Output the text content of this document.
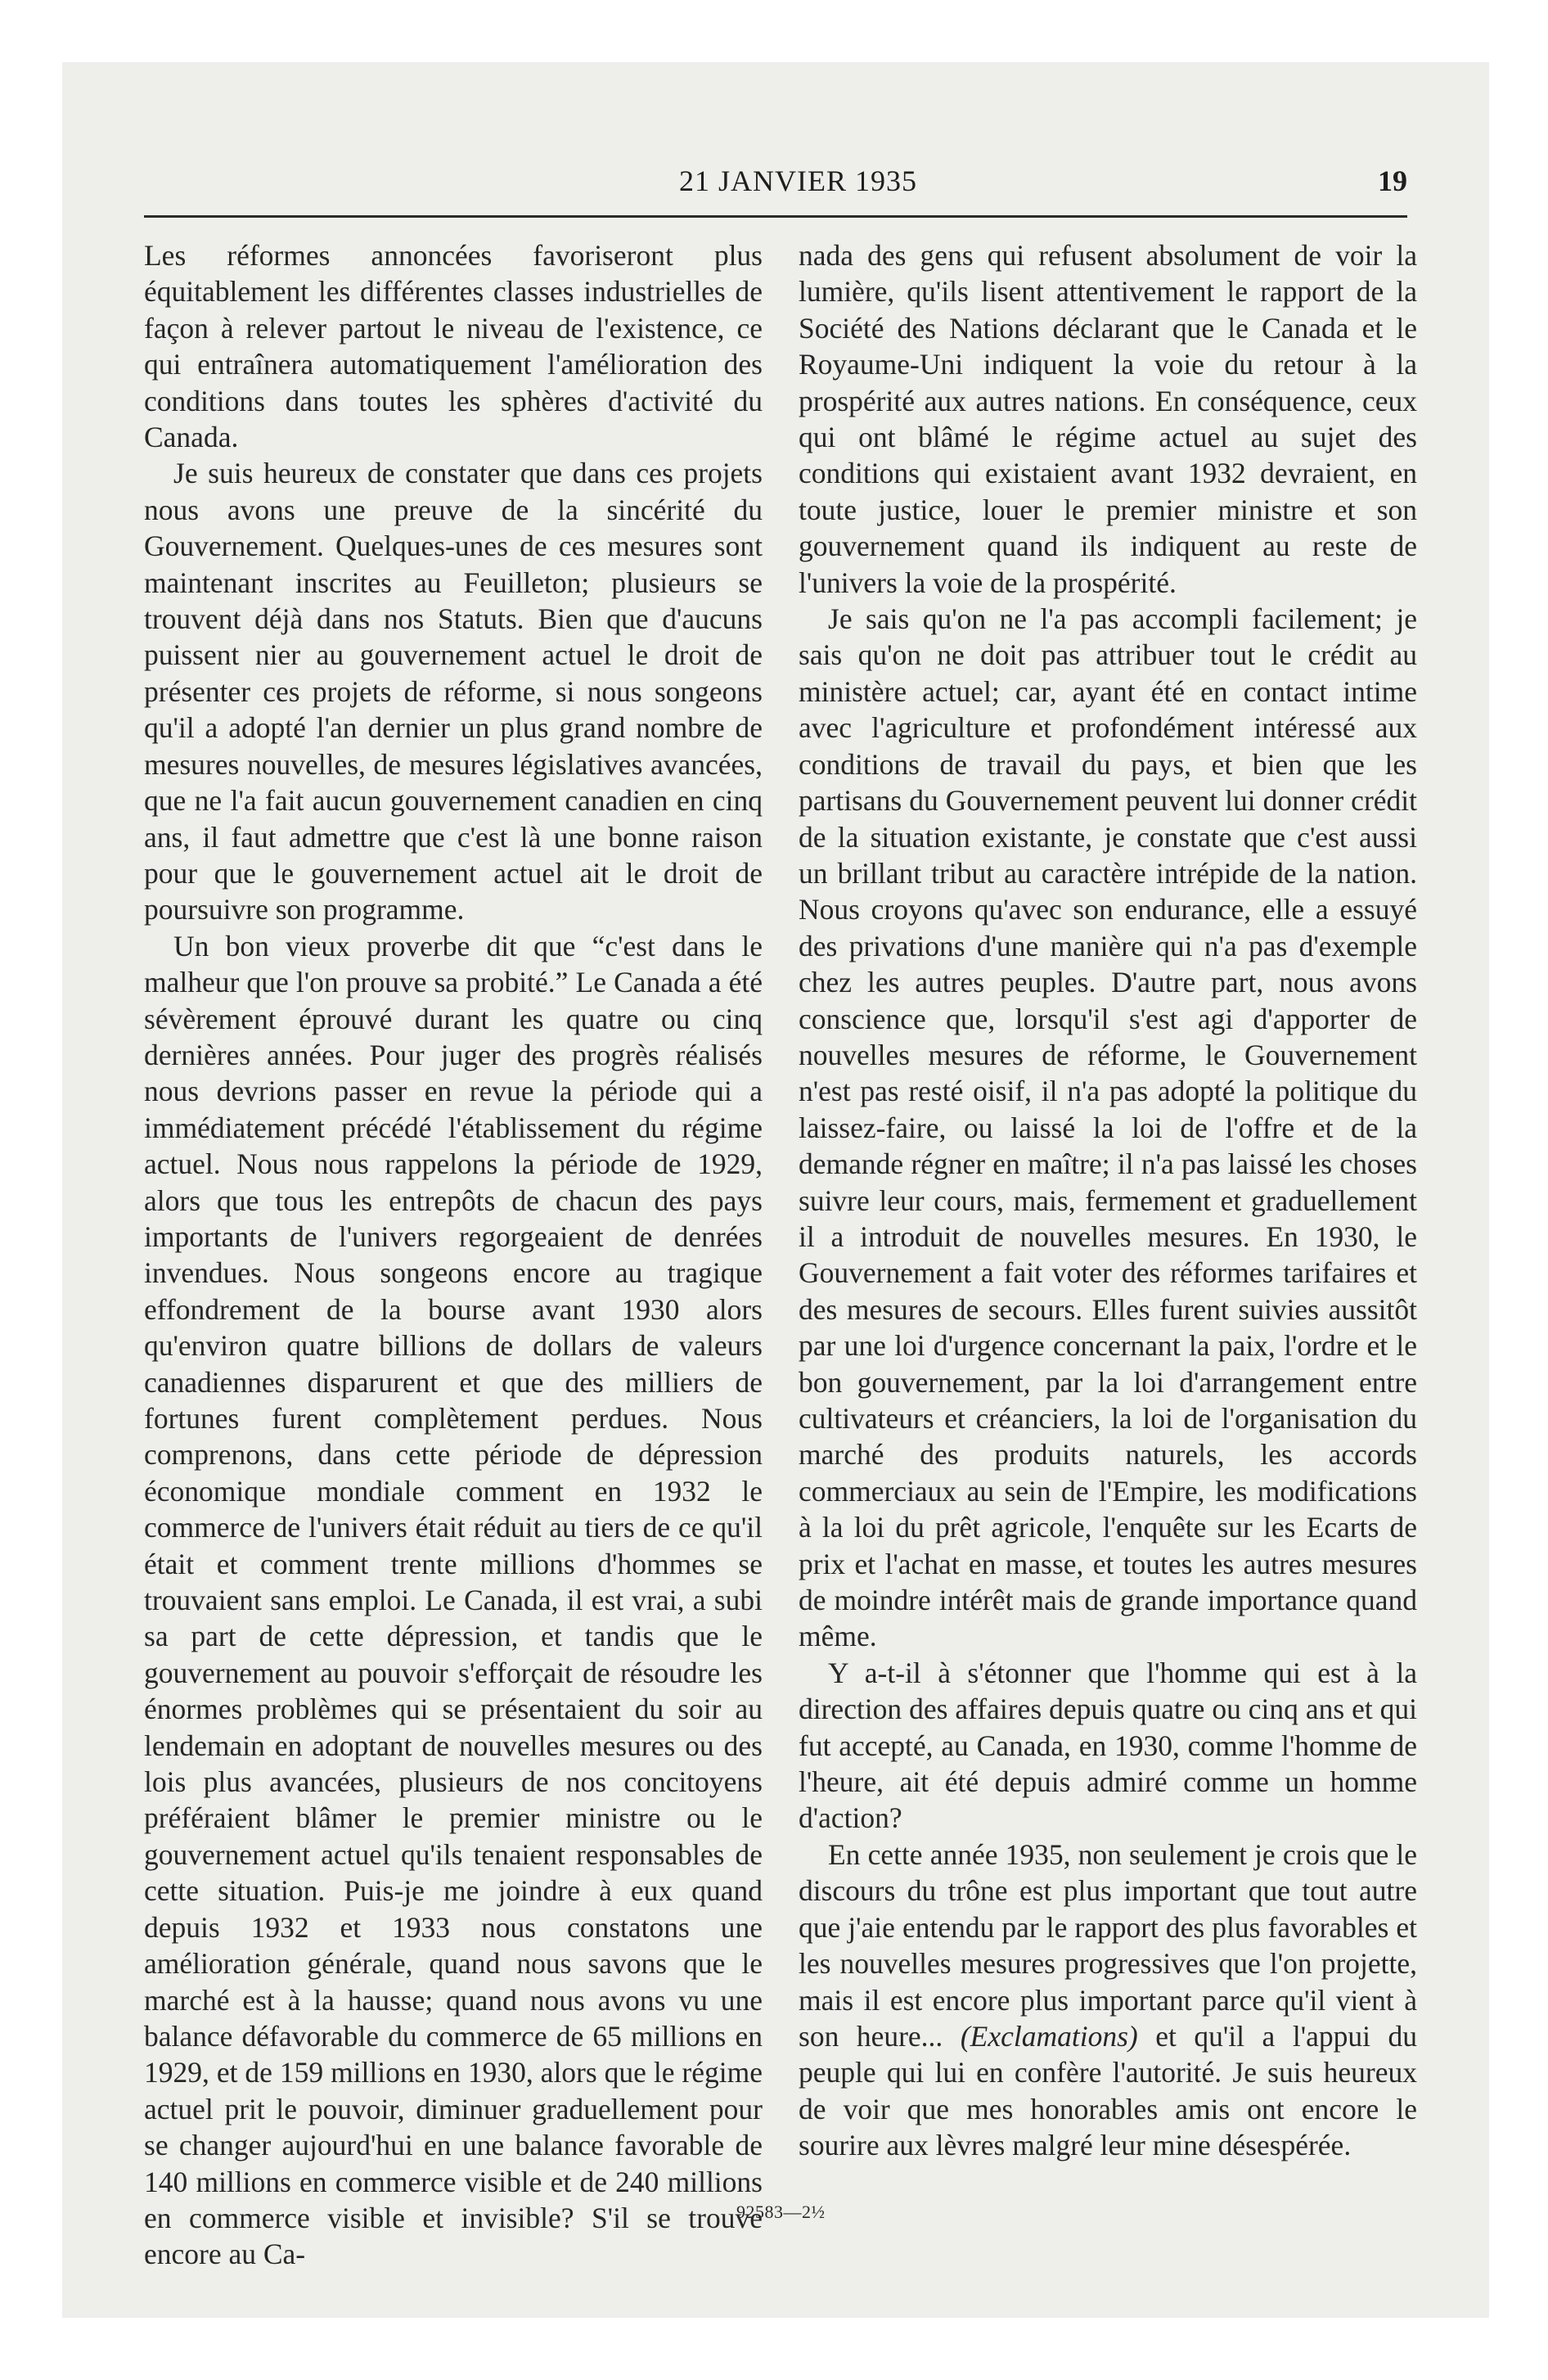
21 JANVIER 1935	19

Les réformes annoncées favoriseront plus équitablement les différentes classes industrielles de façon à relever partout le niveau de l'existence, ce qui entraînera automatiquement l'amélioration des conditions dans toutes les sphères d'activité du Canada.

Je suis heureux de constater que dans ces projets nous avons une preuve de la sincérité du Gouvernement. Quelques-unes de ces mesures sont maintenant inscrites au Feuilleton; plusieurs se trouvent déjà dans nos Statuts. Bien que d'aucuns puissent nier au gouvernement actuel le droit de présenter ces projets de réforme, si nous songeons qu'il a adopté l'an dernier un plus grand nombre de mesures nouvelles, de mesures législatives avancées, que ne l'a fait aucun gouvernement canadien en cinq ans, il faut admettre que c'est là une bonne raison pour que le gouvernement actuel ait le droit de poursuivre son programme.

Un bon vieux proverbe dit que “c'est dans le malheur que l'on prouve sa probité.” Le Canada a été sévèrement éprouvé durant les quatre ou cinq dernières années. Pour juger des progrès réalisés nous devrions passer en revue la période qui a immédiatement précédé l'établissement du régime actuel. Nous nous rappelons la période de 1929, alors que tous les entrepôts de chacun des pays importants de l'univers regorgeaient de denrées invendues. Nous songeons encore au tragique effondrement de la bourse avant 1930 alors qu'environ quatre billions de dollars de valeurs canadiennes disparurent et que des milliers de fortunes furent complètement perdues. Nous comprenons, dans cette période de dépression économique mondiale comment en 1932 le commerce de l'univers était réduit au tiers de ce qu'il était et comment trente millions d'hommes se trouvaient sans emploi. Le Canada, il est vrai, a subi sa part de cette dépression, et tandis que le gouvernement au pouvoir s'efforçait de résoudre les énormes problèmes qui se présentaient du soir au lendemain en adoptant de nouvelles mesures ou des lois plus avancées, plusieurs de nos concitoyens préféraient blâmer le premier ministre ou le gouvernement actuel qu'ils tenaient responsables de cette situation. Puis-je me joindre à eux quand depuis 1932 et 1933 nous constatons une amélioration générale, quand nous savons que le marché est à la hausse; quand nous avons vu une balance défavorable du commerce de 65 millions en 1929, et de 159 millions en 1930, alors que le régime actuel prit le pouvoir, diminuer graduellement pour se changer aujourd'hui en une balance favorable de 140 millions en commerce visible et de 240 millions en commerce visible et invisible? S'il se trouve encore au Ca-

nada des gens qui refusent absolument de voir la lumière, qu'ils lisent attentivement le rapport de la Société des Nations déclarant que le Canada et le Royaume-Uni indiquent la voie du retour à la prospérité aux autres nations. En conséquence, ceux qui ont blâmé le régime actuel au sujet des conditions qui existaient avant 1932 devraient, en toute justice, louer le premier ministre et son gouvernement quand ils indiquent au reste de l'univers la voie de la prospérité.

Je sais qu'on ne l'a pas accompli facilement; je sais qu'on ne doit pas attribuer tout le crédit au ministère actuel; car, ayant été en contact intime avec l'agriculture et profondément intéressé aux conditions de travail du pays, et bien que les partisans du Gouvernement peuvent lui donner crédit de la situation existante, je constate que c'est aussi un brillant tribut au caractère intrépide de la nation. Nous croyons qu'avec son endurance, elle a essuyé des privations d'une manière qui n'a pas d'exemple chez les autres peuples. D'autre part, nous avons conscience que, lorsqu'il s'est agi d'apporter de nouvelles mesures de réforme, le Gouvernement n'est pas resté oisif, il n'a pas adopté la politique du laissez-faire, ou laissé la loi de l'offre et de la demande régner en maître; il n'a pas laissé les choses suivre leur cours, mais, fermement et graduellement il a introduit de nouvelles mesures. En 1930, le Gouvernement a fait voter des réformes tarifaires et des mesures de secours. Elles furent suivies aussitôt par une loi d'urgence concernant la paix, l'ordre et le bon gouvernement, par la loi d'arrangement entre cultivateurs et créanciers, la loi de l'organisation du marché des produits naturels, les accords commerciaux au sein de l'Empire, les modifications à la loi du prêt agricole, l'enquête sur les Ecarts de prix et l'achat en masse, et toutes les autres mesures de moindre intérêt mais de grande importance quand même.

Y a-t-il à s'étonner que l'homme qui est à la direction des affaires depuis quatre ou cinq ans et qui fut accepté, au Canada, en 1930, comme l'homme de l'heure, ait été depuis admiré comme un homme d'action?

En cette année 1935, non seulement je crois que le discours du trône est plus important que tout autre que j'aie entendu par le rapport des plus favorables et les nouvelles mesures progressives que l'on projette, mais il est encore plus important parce qu'il vient à son heure... (Exclamations) et qu'il a l'appui du peuple qui lui en confère l'autorité. Je suis heureux de voir que mes honorables amis ont encore le sourire aux lèvres malgré leur mine désespérée.

92583—2½
